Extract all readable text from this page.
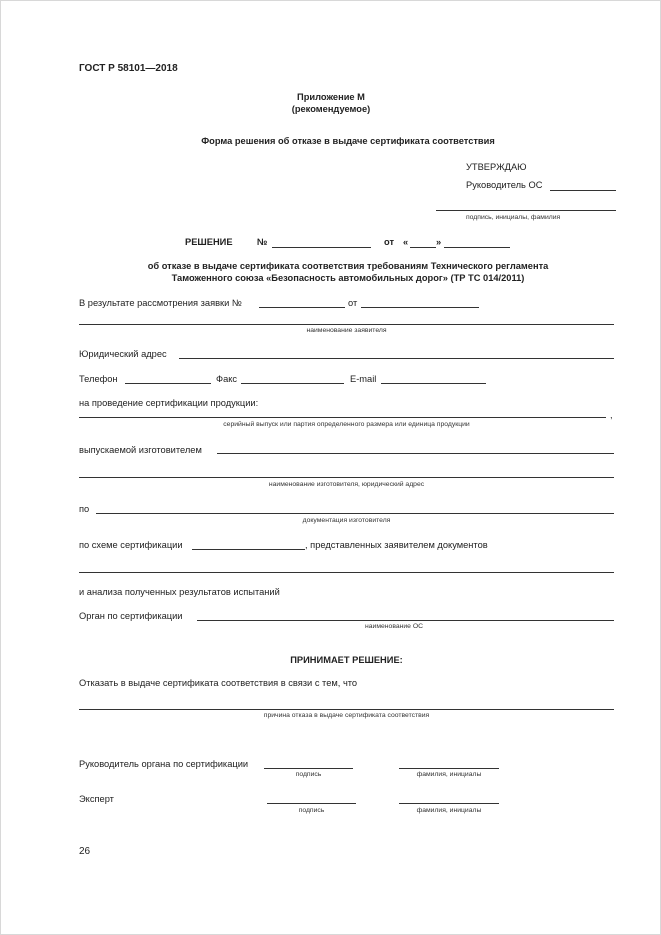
ГОСТ Р 58101—2018
Приложение М
(рекомендуемое)
Форма решения об отказе в выдаче сертификата соответствия
УТВЕРЖДАЮ
Руководитель ОС
подпись, инициалы, фамилия
РЕШЕНИЕ	№	от «	»
об отказе в выдаче сертификата соответствия требованиям Технического регламента
Таможенного союза «Безопасность автомобильных дорог» (ТР ТС 014/2011)
В результате рассмотрения заявки №	от
наименование заявителя
Юридический адрес
Телефон	Факс	E-mail
на проведение сертификации продукции:
,
серийный выпуск или партия определенного размера или единица продукции
выпускаемой изготовителем
наименование изготовителя, юридический адрес
по
документация изготовителя
по схеме сертификации	, представленных заявителем документов
и анализа полученных результатов испытаний
Орган по сертификации
наименование ОС
ПРИНИМАЕТ РЕШЕНИЕ:
Отказать в выдаче сертификата соответствия в связи с тем, что
причина отказа в выдаче сертификата соответствия
Руководитель органа по сертификации
подпись	фамилия, инициалы
Эксперт
подпись	фамилия, инициалы
26
